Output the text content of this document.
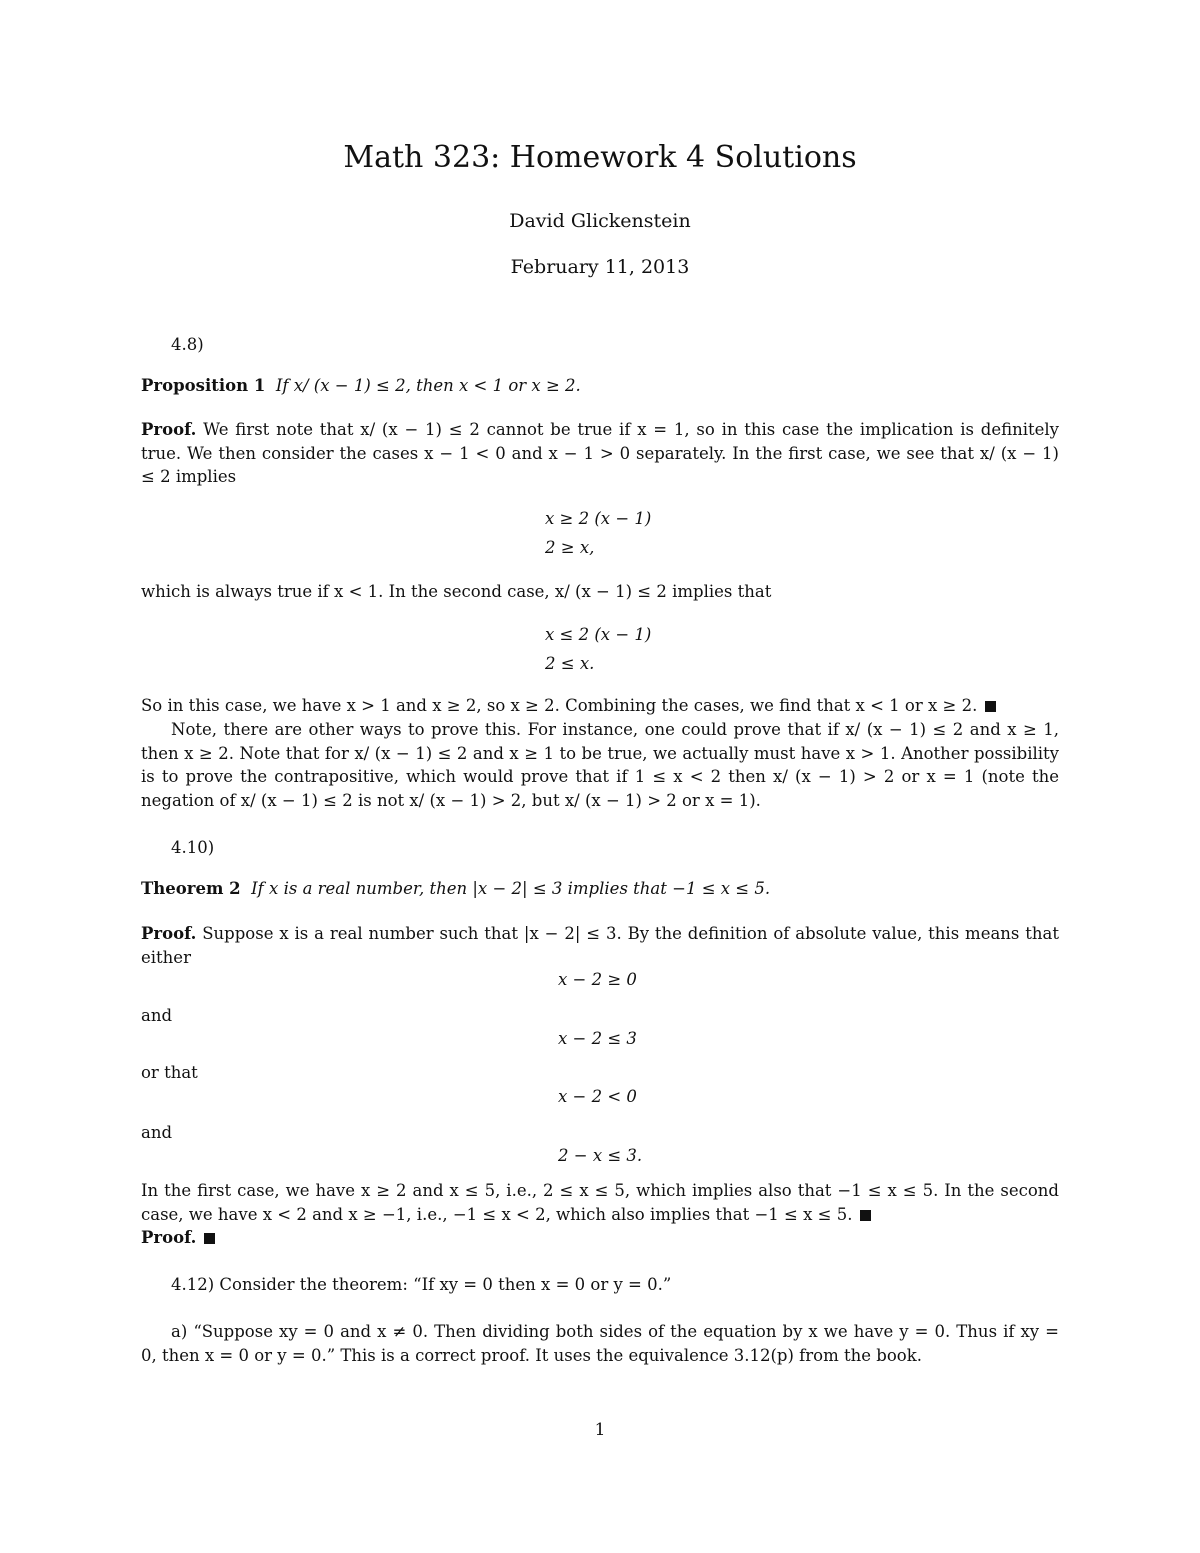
Math 323: Homework 4 Solutions
David Glickenstein
February 11, 2013
4.8)
Proposition 1 If x/ (x − 1) ≤ 2, then x < 1 or x ≥ 2.
Proof. We first note that x/ (x − 1) ≤ 2 cannot be true if x = 1, so in this case the implication is definitely true. We then consider the cases x − 1 < 0 and x − 1 > 0 separately. In the first case, we see that x/ (x − 1) ≤ 2 implies
x ≥ 2 (x − 1)
2 ≥ x,
which is always true if x < 1. In the second case, x/ (x − 1) ≤ 2 implies that
x ≤ 2 (x − 1)
2 ≤ x.
So in this case, we have x > 1 and x ≥ 2, so x ≥ 2. Combining the cases, we find that x < 1 or x ≥ 2.
Note, there are other ways to prove this. For instance, one could prove that if x/ (x − 1) ≤ 2 and x ≥ 1, then x ≥ 2. Note that for x/ (x − 1) ≤ 2 and x ≥ 1 to be true, we actually must have x > 1. Another possibility is to prove the contrapositive, which would prove that if 1 ≤ x < 2 then x/ (x − 1) > 2 or x = 1 (note the negation of x/ (x − 1) ≤ 2 is not x/ (x − 1) > 2, but x/ (x − 1) > 2 or x = 1).
4.10)
Theorem 2 If x is a real number, then |x − 2| ≤ 3 implies that −1 ≤ x ≤ 5.
Proof. Suppose x is a real number such that |x − 2| ≤ 3. By the definition of absolute value, this means that either
x − 2 ≥ 0
and
x − 2 ≤ 3
or that
x − 2 < 0
and
2 − x ≤ 3.
In the first case, we have x ≥ 2 and x ≤ 5, i.e., 2 ≤ x ≤ 5, which implies also that −1 ≤ x ≤ 5. In the second case, we have x < 2 and x ≥ −1, i.e., −1 ≤ x < 2, which also implies that −1 ≤ x ≤ 5.
Proof.
4.12) Consider the theorem: “If xy = 0 then x = 0 or y = 0.”
a) “Suppose xy = 0 and x ≠ 0. Then dividing both sides of the equation by x we have y = 0. Thus if xy = 0, then x = 0 or y = 0.” This is a correct proof. It uses the equivalence 3.12(p) from the book.
1
